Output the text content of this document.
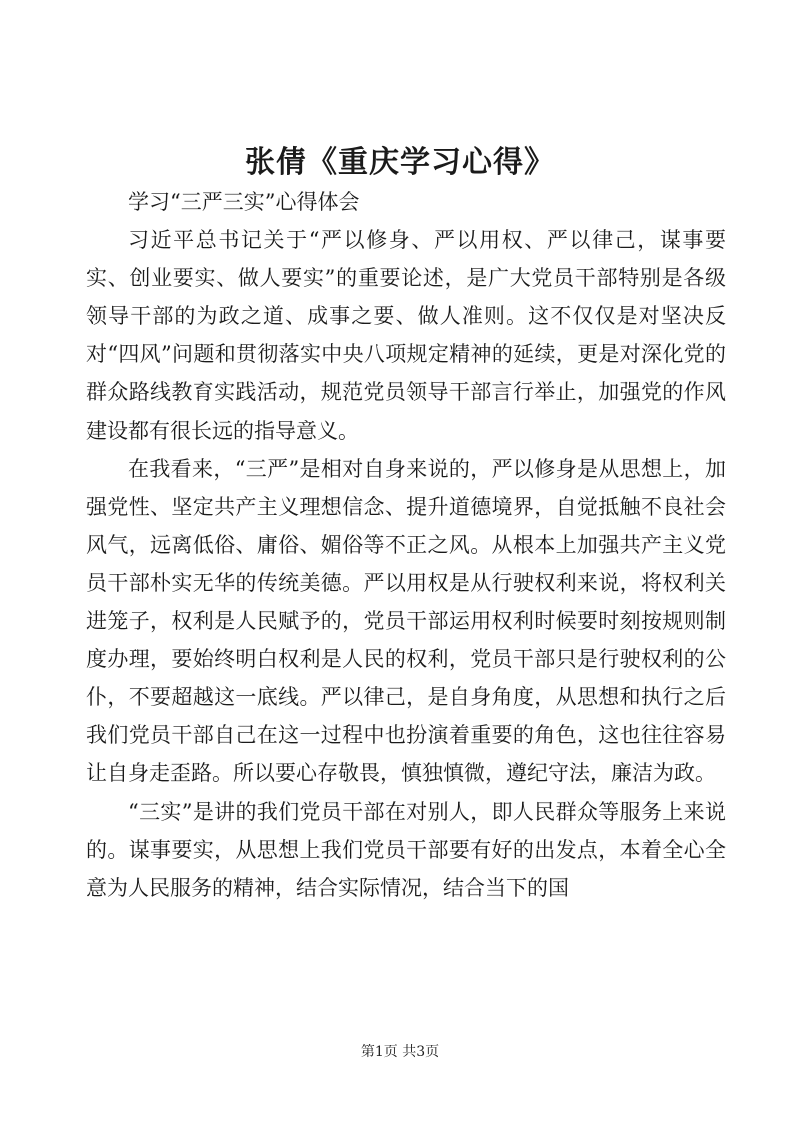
张倩《重庆学习心得》

学习“三严三实”心得体会

习近平总书记关于“严以修身、严以用权、严以律己，谋事要实、创业要实、做人要实”的重要论述，是广大党员干部特别是各级领导干部的为政之道、成事之要、做人准则。这不仅仅是对坚决反对“四风”问题和贯彻落实中央八项规定精神的延续，更是对深化党的群众路线教育实践活动，规范党员领导干部言行举止，加强党的作风建设都有很长远的指导意义。

在我看来，“三严”是相对自身来说的，严以修身是从思想上，加强党性、坚定共产主义理想信念、提升道德境界，自觉抵触不良社会风气，远离低俗、庸俗、媚俗等不正之风。从根本上加强共产主义党员干部朴实无华的传统美德。严以用权是从行驶权利来说，将权利关进笼子，权利是人民赋予的，党员干部运用权利时候要时刻按规则制度办理，要始终明白权利是人民的权利，党员干部只是行驶权利的公仆，不要超越这一底线。严以律己，是自身角度，从思想和执行之后我们党员干部自己在这一过程中也扮演着重要的角色，这也往往容易让自身走歪路。所以要心存敬畏，慎独慎微，遵纪守法，廉洁为政。

“三实”是讲的我们党员干部在对别人，即人民群众等服务上来说的。谋事要实，从思想上我们党员干部要有好的出发点，本着全心全意为人民服务的精神，结合实际情况，结合当下的国

第1页 共3页
